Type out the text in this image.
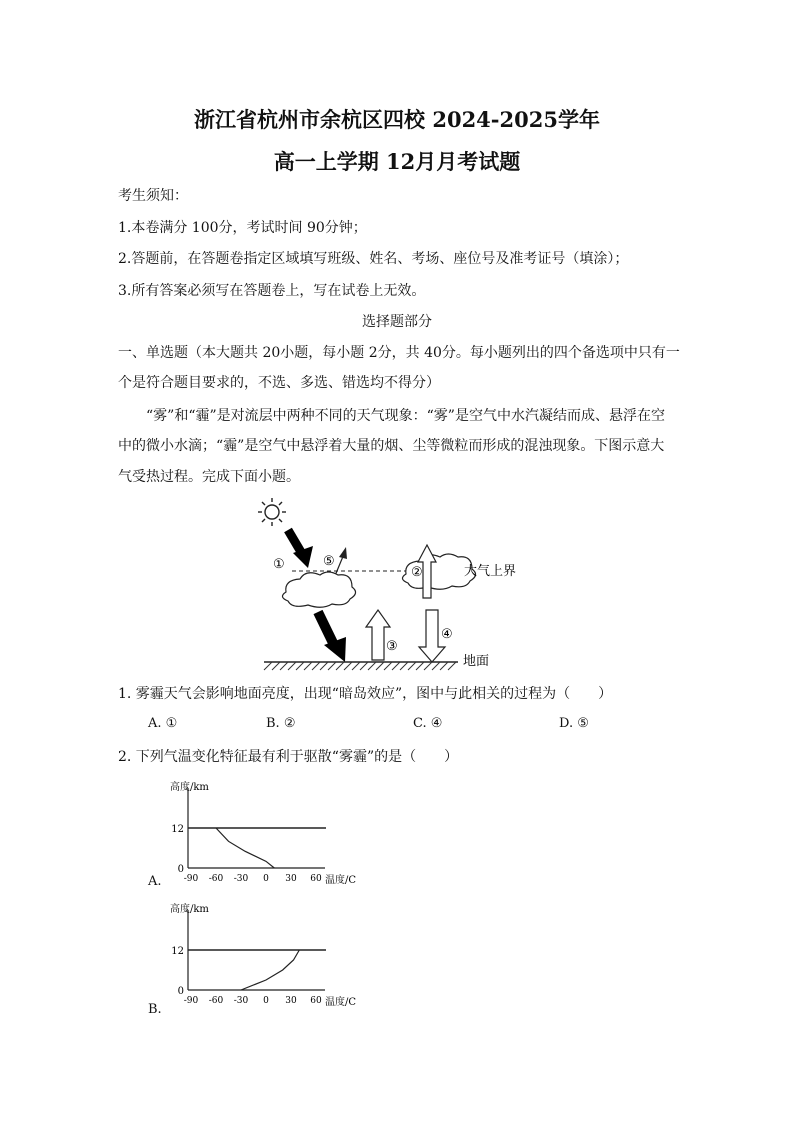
浙江省杭州市余杭区四校 2024-2025学年
高一上学期 12月月考试题
考生须知：
1.本卷满分 100分，考试时间 90分钟；
2.答题前，在答题卷指定区域填写班级、姓名、考场、座位号及准考证号（填涂）；
3.所有答案必须写在答题卷上，写在试卷上无效。
选择题部分
一、单选题（本大题共 20小题，每小题 2分，共 40分。每小题列出的四个备选项中只有一
个是符合题目要求的，不选、多选、错选均不得分）
“雾”和“霾”是对流层中两种不同的天气现象：“雾”是空气中水汽凝结而成、悬浮在空
中的微小水滴；“霾”是空气中悬浮着大量的烟、尘等微粒而形成的混浊现象。下图示意大
气受热过程。完成下面小题。
①	⑤
②
③
④
大气上界
地面
1. 雾霾天气会影响地面亮度，出现“暗岛效应”，图中与此相关的过程为（　　）
A. ①	B. ②	C. ④	D. ⑤
2. 下列气温变化特征最有利于驱散“雾霾”的是（　　）
A.
B.
高度/km
温度/C
0
12
-90 -60 -30 0 30 60
高度/km
温度/C
0
12
-90 -60 -30 0 30 60
